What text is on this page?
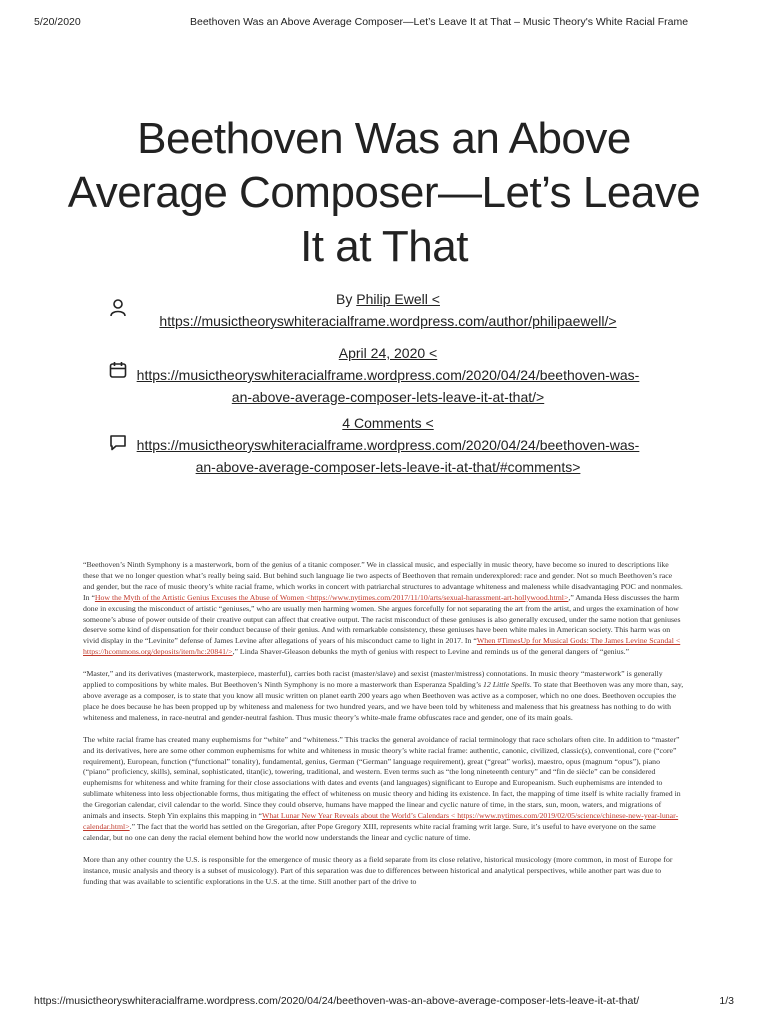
5/20/2020	Beethoven Was an Above Average Composer—Let’s Leave It at That – Music Theory's White Racial Frame
Beethoven Was an Above
Average Composer—Let’s Leave
It at That
By Philip Ewell <
https://musictheoryswhiteracialframe.wordpress.com/author/philipaewell/>
April 24, 2020 <
https://musictheoryswhiteracialframe.wordpress.com/2020/04/24/beethoven-was-
an-above-average-composer-lets-leave-it-at-that/>
4 Comments <
https://musictheoryswhiteracialframe.wordpress.com/2020/04/24/beethoven-was-
an-above-average-composer-lets-leave-it-at-that/#comments>

“Beethoven’s Ninth Symphony is a masterwork, born of the genius of a titanic composer.” We in classical music, and especially in music theory, have become so inured to descriptions like these that we no longer question what’s really being said. But behind such language lie two aspects of Beethoven that remain underexplored: race and gender. Not so much Beethoven’s race and gender, but the race of music theory’s white racial frame, which works in concert with patriarchal structures to advantage whiteness and maleness while disadvantaging POC and nonmales. In “How the Myth of the Artistic Genius Excuses the Abuse of Women <https://www.nytimes.com/2017/11/10/arts/sexual-harassment-art-hollywood.html>,” Amanda Hess discusses the harm done in excusing the misconduct of artistic “geniuses,” who are usually men harming women. She argues forcefully for not separating the art from the artist, and urges the examination of how someone’s abuse of power outside of their creative output can affect that creative output. The racist misconduct of these geniuses is also generally excused, under the same notion that geniuses deserve some kind of dispensation for their conduct because of their genius. And with remarkable consistency, these geniuses have been white males in American society. This harm was on vivid display in the “Levinite” defense of James Levine after allegations of years of his misconduct came to light in 2017. In “When #TimesUp for Musical Gods: The James Levine Scandal < https://hcommons.org/deposits/item/hc:20841/>,” Linda Shaver-Gleason debunks the myth of genius with respect to Levine and reminds us of the general dangers of “genius.”

“Master,” and its derivatives (masterwork, masterpiece, masterful), carries both racist (master/slave) and sexist (master/mistress) connotations. In music theory “masterwork” is generally applied to compositions by white males. But Beethoven’s Ninth Symphony is no more a masterwork than Esperanza Spalding’s 12 Little Spells. To state that Beethoven was any more than, say, above average as a composer, is to state that you know all music written on planet earth 200 years ago when Beethoven was active as a composer, which no one does. Beethoven occupies the place he does because he has been propped up by whiteness and maleness for two hundred years, and we have been told by whiteness and maleness that his greatness has nothing to do with whiteness and maleness, in race-neutral and gender-neutral fashion. Thus music theory’s white-male frame obfuscates race and gender, one of its main goals.

The white racial frame has created many euphemisms for “white” and “whiteness.” This tracks the general avoidance of racial terminology that race scholars often cite. In addition to “master” and its derivatives, here are some other common euphemisms for white and whiteness in music theory’s white racial frame: authentic, canonic, civilized, classic(s), conventional, core (“core” requirement), European, function (“functional” tonality), fundamental, genius, German (“German” language requirement), great (“great” works), maestro, opus (magnum “opus”), piano (“piano” proficiency, skills), seminal, sophisticated, titan(ic), towering, traditional, and western. Even terms such as “the long nineteenth century” and “fin de siècle” can be considered euphemisms for whiteness and white framing for their close associations with dates and events (and languages) significant to Europe and Europeanism. Such euphemisms are intended to sublimate whiteness into less objectionable forms, thus mitigating the effect of whiteness on music theory and hiding its existence. In fact, the mapping of time itself is white racially framed in the Gregorian calendar, civil calendar to the world. Since they could observe, humans have mapped the linear and cyclic nature of time, in the stars, sun, moon, waters, and migrations of animals and insects. Steph Yin explains this mapping in “What Lunar New Year Reveals about the World’s Calendars < https://www.nytimes.com/2019/02/05/science/chinese-new-year-lunar-calendar.html>.” The fact that the world has settled on the Gregorian, after Pope Gregory XIII, represents white racial framing writ large. Sure, it’s useful to have everyone on the same calendar, but no one can deny the racial element behind how the world now understands the linear and cyclic nature of time.

More than any other country the U.S. is responsible for the emergence of music theory as a field separate from its close relative, historical musicology (more common, in most of Europe for instance, music analysis and theory is a subset of musicology). Part of this separation was due to differences between historical and analytical perspectives, while another part was due to funding that was available to scientific explorations in the U.S. at the time. Still another part of the drive to

https://musictheoryswhiteracialframe.wordpress.com/2020/04/24/beethoven-was-an-above-average-composer-lets-leave-it-at-that/	1/3
